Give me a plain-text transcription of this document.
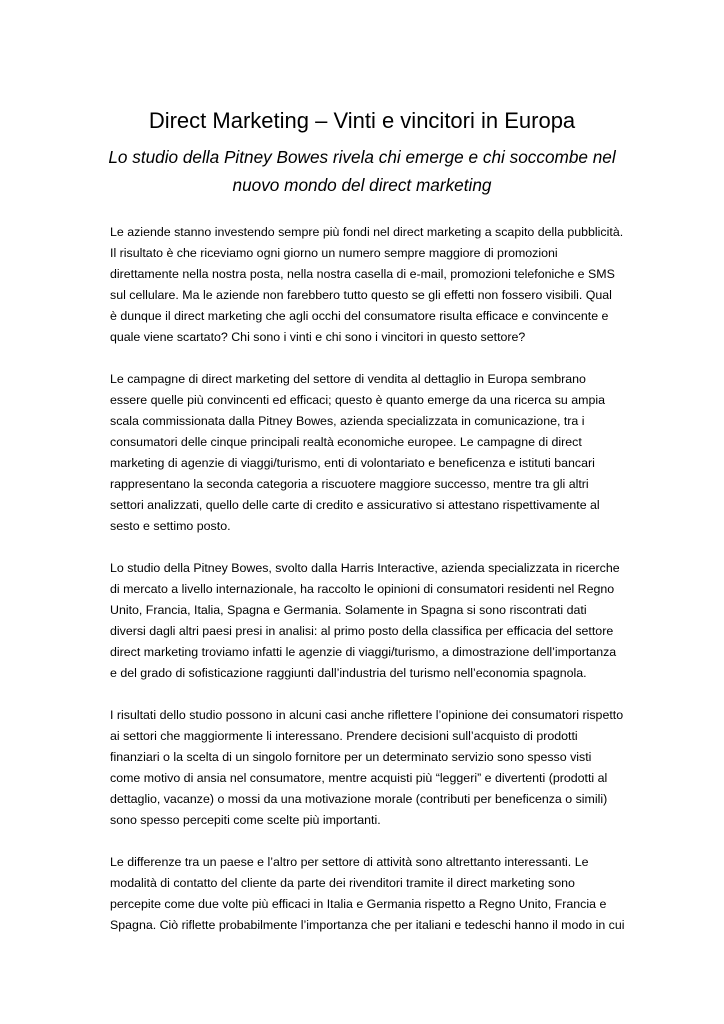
Direct Marketing – Vinti e vincitori in Europa

Lo studio della Pitney Bowes rivela chi emerge e chi soccombe nel
nuovo mondo del direct marketing

Le aziende stanno investendo sempre più fondi nel direct marketing a scapito della pubblicità.
Il risultato è che riceviamo ogni giorno un numero sempre maggiore di promozioni
direttamente nella nostra posta, nella nostra casella di e-mail, promozioni telefoniche e SMS
sul cellulare. Ma le aziende non farebbero tutto questo se gli effetti non fossero visibili. Qual
è dunque il direct marketing che agli occhi del consumatore risulta efficace e convincente e
quale viene scartato? Chi sono i vinti e chi sono i vincitori in questo settore?

Le campagne di direct marketing del settore di vendita al dettaglio in Europa sembrano
essere quelle più convincenti ed efficaci; questo è quanto emerge da una ricerca su ampia
scala commissionata dalla Pitney Bowes, azienda specializzata in comunicazione, tra i
consumatori delle cinque principali realtà economiche europee. Le campagne di direct
marketing di agenzie di viaggi/turismo, enti di volontariato e beneficenza e istituti bancari
rappresentano la seconda categoria a riscuotere maggiore successo, mentre tra gli altri
settori analizzati, quello delle carte di credito e assicurativo si attestano rispettivamente al
sesto e settimo posto.

Lo studio della Pitney Bowes, svolto dalla Harris Interactive, azienda specializzata in ricerche
di mercato a livello internazionale, ha raccolto le opinioni di consumatori residenti nel Regno
Unito, Francia, Italia, Spagna e Germania. Solamente in Spagna si sono riscontrati dati
diversi dagli altri paesi presi in analisi: al primo posto della classifica per efficacia del settore
direct marketing troviamo infatti le agenzie di viaggi/turismo, a dimostrazione dell’importanza
e del grado di sofisticazione raggiunti dall’industria del turismo nell’economia spagnola.

I risultati dello studio possono in alcuni casi anche riflettere l’opinione dei consumatori rispetto
ai settori che maggiormente li interessano. Prendere decisioni sull’acquisto di prodotti
finanziari o la scelta di un singolo fornitore per un determinato servizio sono spesso visti
come motivo di ansia nel consumatore, mentre acquisti più “leggeri” e divertenti (prodotti al
dettaglio, vacanze) o mossi da una motivazione morale (contributi per beneficenza o simili)
sono spesso percepiti come scelte più importanti.

Le differenze tra un paese e l’altro per settore di attività sono altrettanto interessanti. Le
modalità di contatto del cliente da parte dei rivenditori tramite il direct marketing sono
percepite come due volte più efficaci in Italia e Germania rispetto a Regno Unito, Francia e
Spagna. Ciò riflette probabilmente l’importanza che per italiani e tedeschi hanno il modo in cui
